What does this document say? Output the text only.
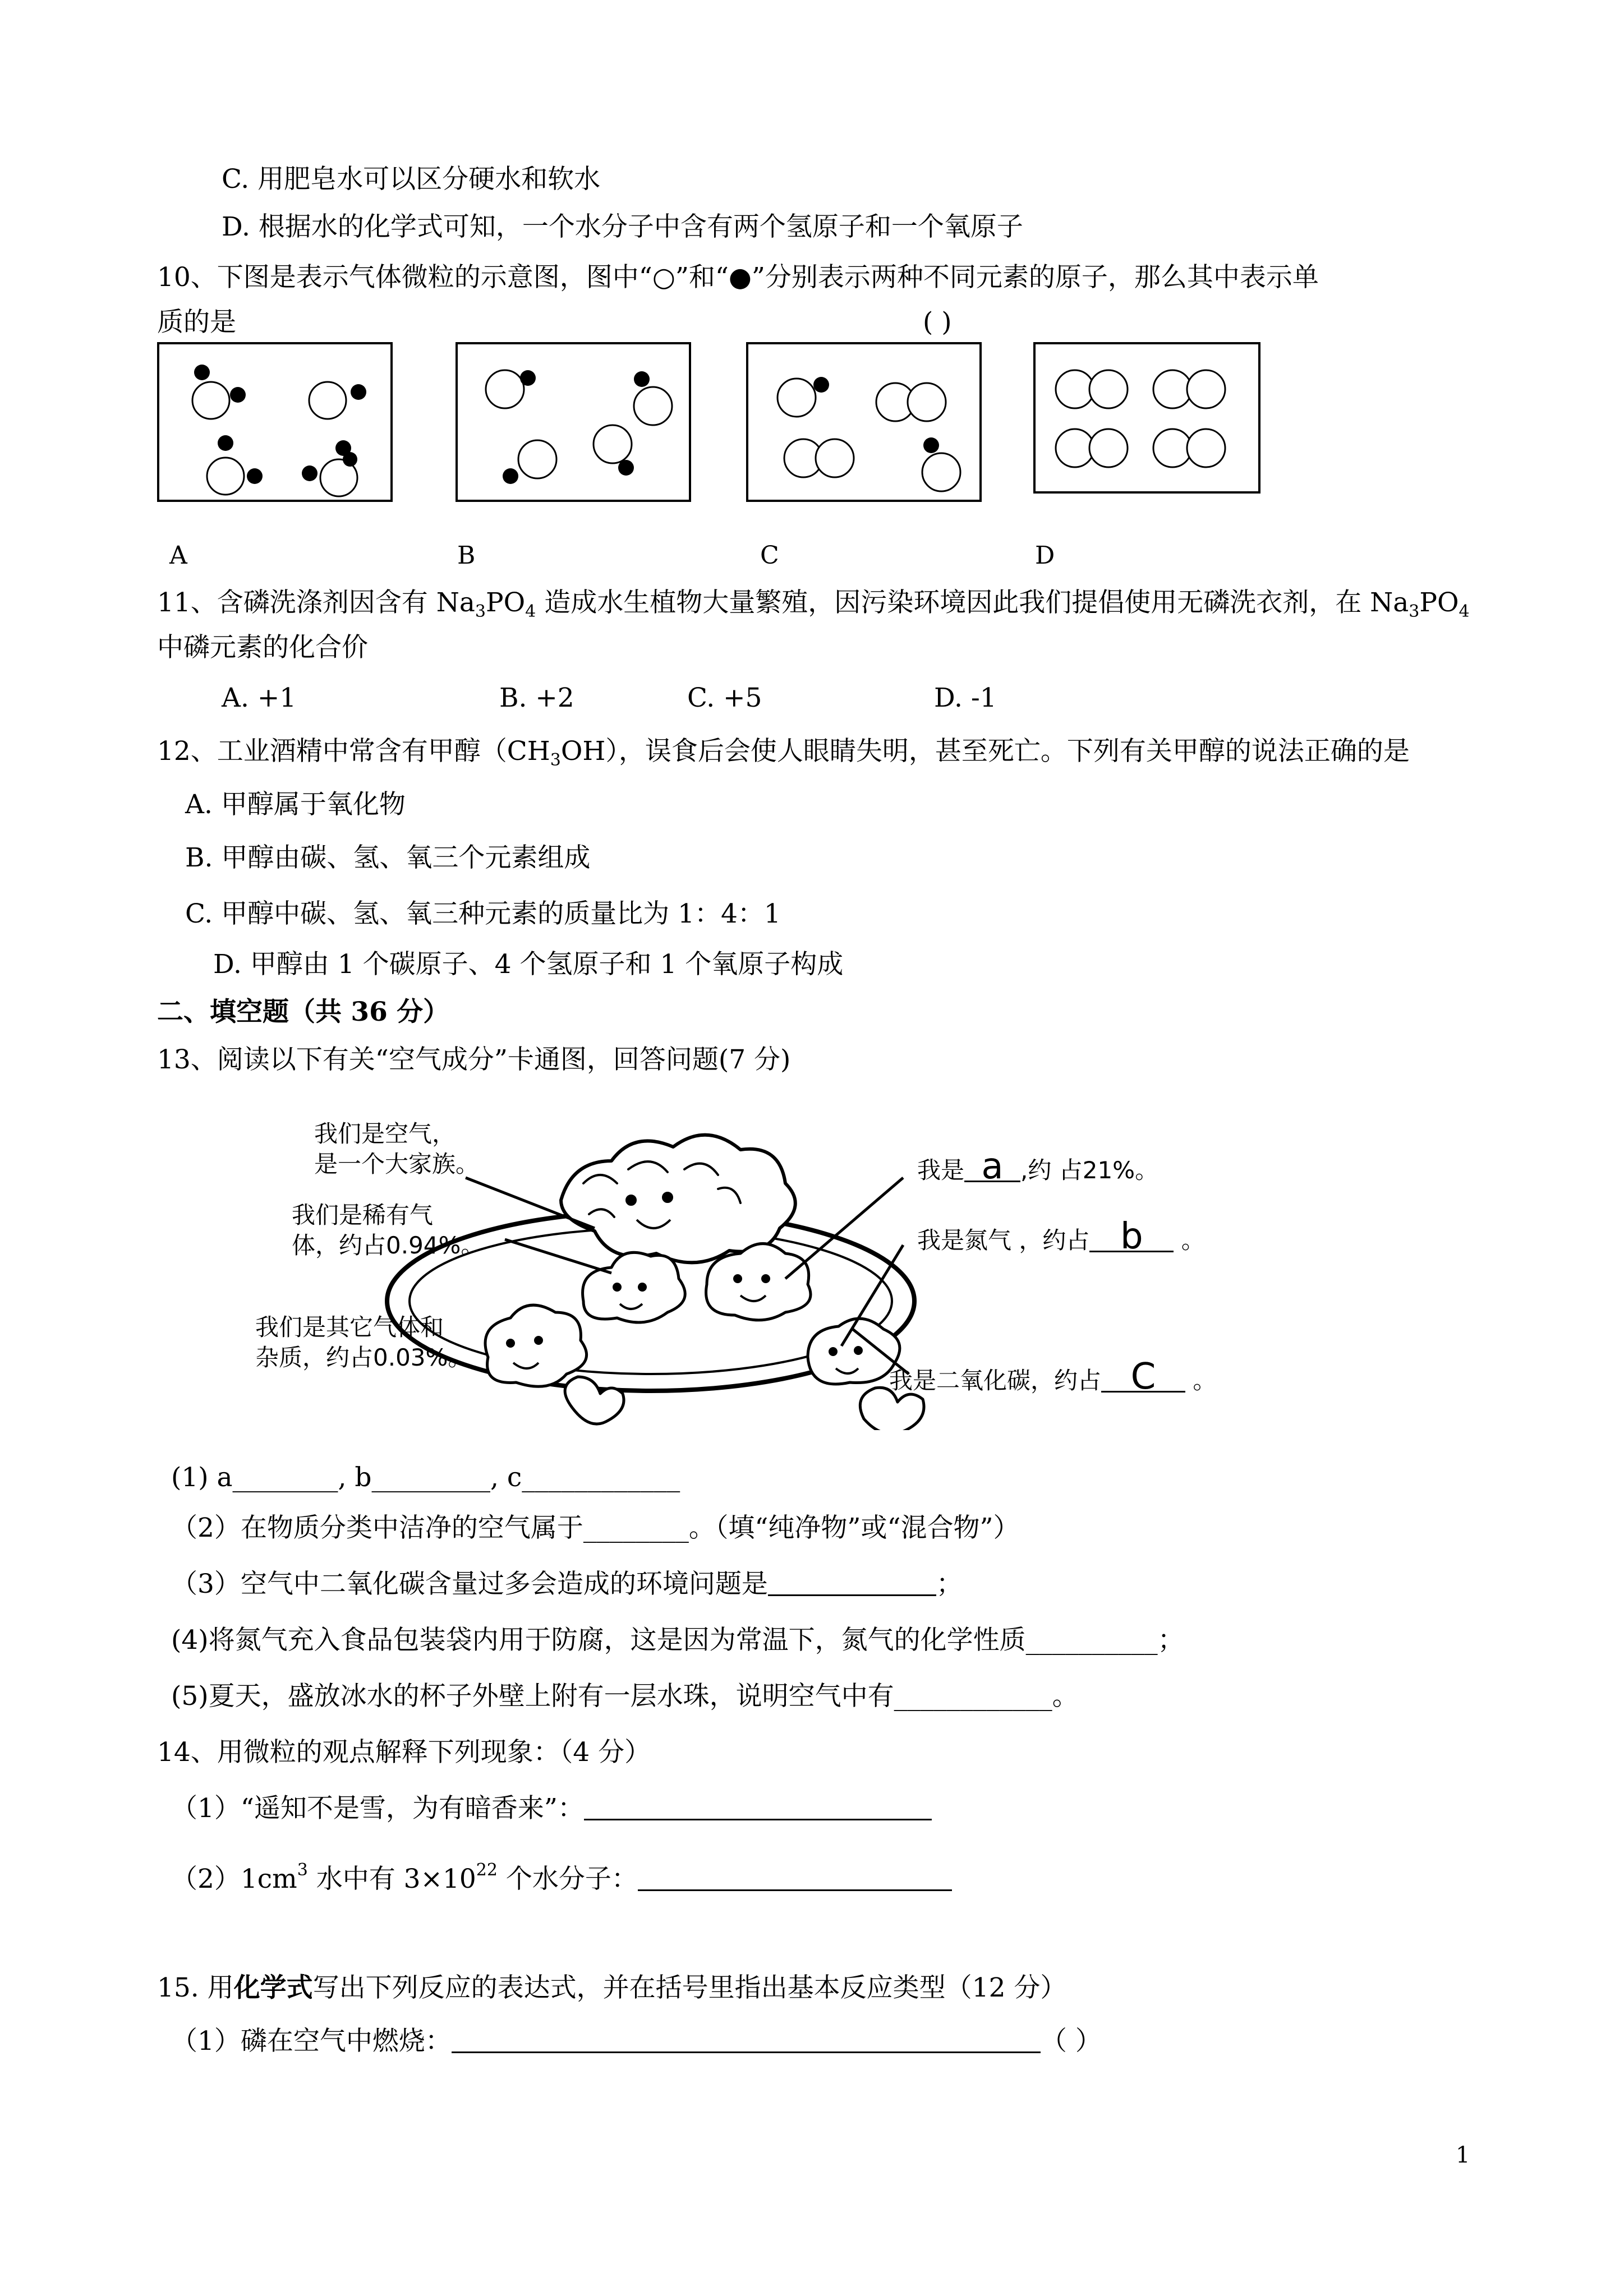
C. 用肥皂水可以区分硬水和软水
D. 根据水的化学式可知，一个水分子中含有两个氢原子和一个氧原子
10、下图是表示气体微粒的示意图，图中“○”和“●”分别表示两种不同元素的原子，那么其中表示单
质的是	( )
A	B	C	D
11、含磷洗涤剂因含有 $Na_3PO_4$ 造成水生植物大量繁殖，因污染环境因此我们提倡使用无磷洗衣剂，在 $Na_3PO_4$
中磷元素的化合价
A. +1	B. +2	C. +5	D. -1
12、工业酒精中常含有甲醇$(CH_3OH)$，误食后会使人眼睛失明，甚至死亡。下列有关甲醇的说法正确的是
A. 甲醇属于氧化物
B. 甲醇由碳、氢、氧三个元素组成
C. 甲醇中碳、氢、氧三种元素的质量比为 1：4：1
D. 甲醇由 1 个碳原子、4 个氢原子和 1 个氧原子构成
二、填空题（共 36 分）
13、阅读以下有关“空气成分”卡通图，回答问题(7 分)
我们是空气，
是一个大家族。
我们是稀有气
体，约占0.94%。
我们是其它气体和
杂质，约占0.03%。
我是 a ,约 占21%。
我是氮气 ，约占 b 。
我是二氧化碳，约占 C 。
(1) a________, b_________, c____________
（2）在物质分类中洁净的空气属于________。（填“纯净物”或“混合物”）
（3）空气中二氧化碳含量过多会造成的环境问题是	；
(4)将氮气充入食品包装袋内用于防腐，这是因为常温下，氮气的化学性质__________；
(5)夏天，盛放冰水的杯子外壁上附有一层水珠，说明空气中有____________。
14、用微粒的观点解释下列现象：（4 分）
（1）“遥知不是雪，为有暗香来”：
$(2)1cm^3$ 水中有 $3\times 10^{22}$ 个水分子：
15. 用化学式写出下列反应的表达式，并在括号里指出基本反应类型（12 分）
（1）磷在空气中燃烧：	（ ）
1
